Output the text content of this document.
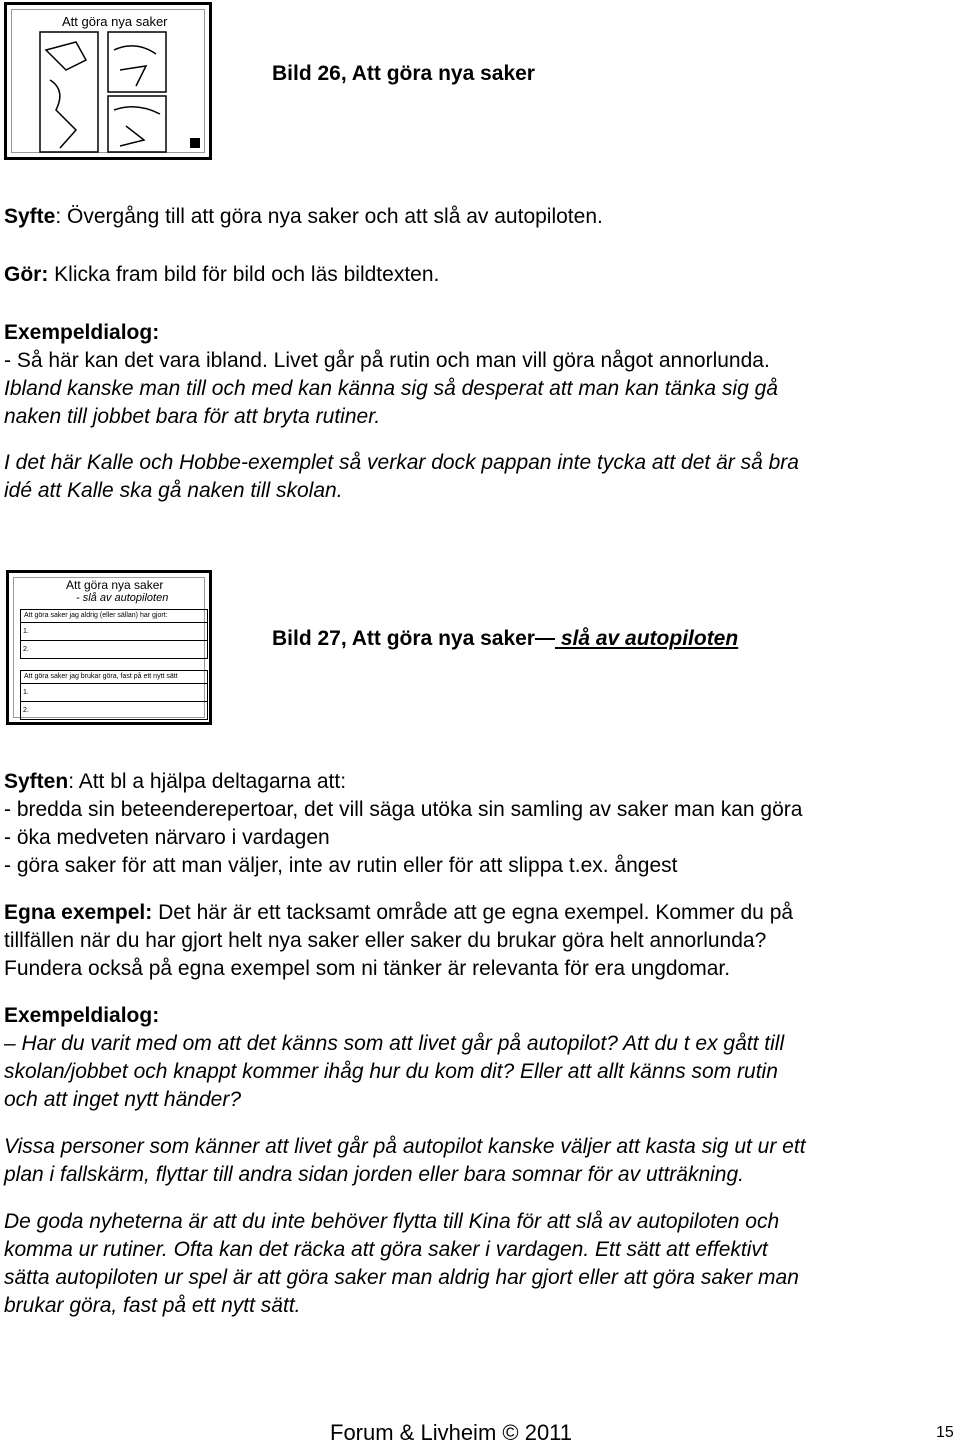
Att göra nya saker
Bild 26, Att göra nya saker

Syfte: Övergång till att göra nya saker och att slå av autopiloten.

Gör: Klicka fram bild för bild och läs bildtexten.

Exempeldialog:

- Så här kan det vara ibland. Livet går på rutin och man vill göra något annorlunda.

Ibland kanske man till och med kan känna sig så desperat att man kan tänka sig gå

naken till jobbet bara för att bryta rutiner.

I det här Kalle och Hobbe-exemplet så verkar dock pappan inte tycka att det är så bra

idé att Kalle ska gå naken till skolan.

Att göra nya saker
- slå av autopiloten
Att göra saker jag aldrig (eller sällan) har gjort:
1.
2.
Att göra saker jag brukar göra, fast på ett nytt sätt
1.
2.
Bild 27, Att göra nya saker slå av autopiloten

Syften: Att bl a hjälpa deltagarna att:

- bredda sin beteenderepertoar, det vill säga utöka sin samling av saker man kan göra

- öka medveten närvaro i vardagen

- göra saker för att man väljer, inte av rutin eller för att slippa t.ex. ångest

Egna exempel: Det här är ett tacksamt område att ge egna exempel. Kommer du på

tillfällen när du har gjort helt nya saker eller saker du brukar göra helt annorlunda?

Fundera också på egna exempel som ni tänker är relevanta för era ungdomar.

Exempeldialog:

– Har du varit med om att det känns som att livet går på autopilot? Att du t ex gått till

skolan/jobbet och knappt kommer ihåg hur du kom dit? Eller att allt känns som rutin

och att inget nytt händer?

Vissa personer som känner att livet går på autopilot kanske väljer att kasta sig ut ur ett

plan i fallskärm, flyttar till andra sidan jorden eller bara somnar för av utträkning.

De goda nyheterna är att du inte behöver flytta till Kina för att slå av autopiloten och

komma ur rutiner. Ofta kan det räcka att göra saker i vardagen. Ett sätt att effektivt

sätta autopiloten ur spel är att göra saker man aldrig har gjort eller att göra saker man

brukar göra, fast på ett nytt sätt.

Forum & Livheim © 2011	15
